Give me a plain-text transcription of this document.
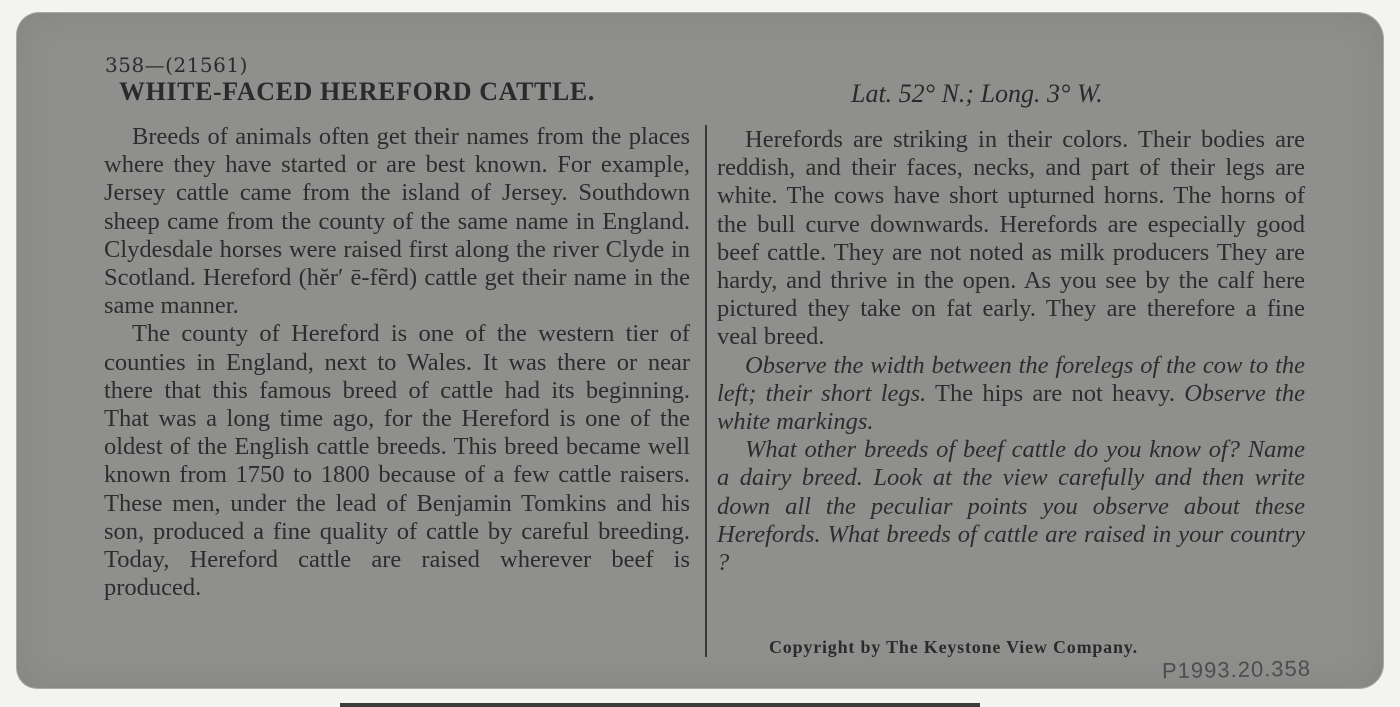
358—(21561)
WHITE-FACED HEREFORD CATTLE.	Lat. 52° N.; Long. 3° W.

Breeds of animals often get their names from the places where they have started or are best known. For example, Jersey cattle came from the island of Jersey. Southdown sheep came from the county of the same name in England. Clydesdale horses were raised first along the river Clyde in Scotland. Hereford (hĕr′ ē-fẽrd) cattle get their name in the same manner.

The county of Hereford is one of the western tier of counties in England, next to Wales. It was there or near there that this famous breed of cattle had its beginning. That was a long time ago, for the Hereford is one of the oldest of the English cattle breeds. This breed became well known from 1750 to 1800 because of a few cattle raisers. These men, under the lead of Benjamin Tomkins and his son, produced a fine quality of cattle by careful breeding. Today, Hereford cattle are raised wherever beef is produced.

Herefords are striking in their colors. Their bodies are reddish, and their faces, necks, and part of their legs are white. The cows have short upturned horns. The horns of the bull curve downwards. Herefords are especially good beef cattle. They are not noted as milk producers They are hardy, and thrive in the open. As you see by the calf here pictured they take on fat early. They are therefore a fine veal breed.

Observe the width between the forelegs of the cow to the left; their short legs. The hips are not heavy. Observe the white markings.

What other breeds of beef cattle do you know of? Name a dairy breed. Look at the view carefully and then write down all the peculiar points you observe about these Herefords. What breeds of cattle are raised in your country ?

Copyright by The Keystone View Company.
P1993.20.358
